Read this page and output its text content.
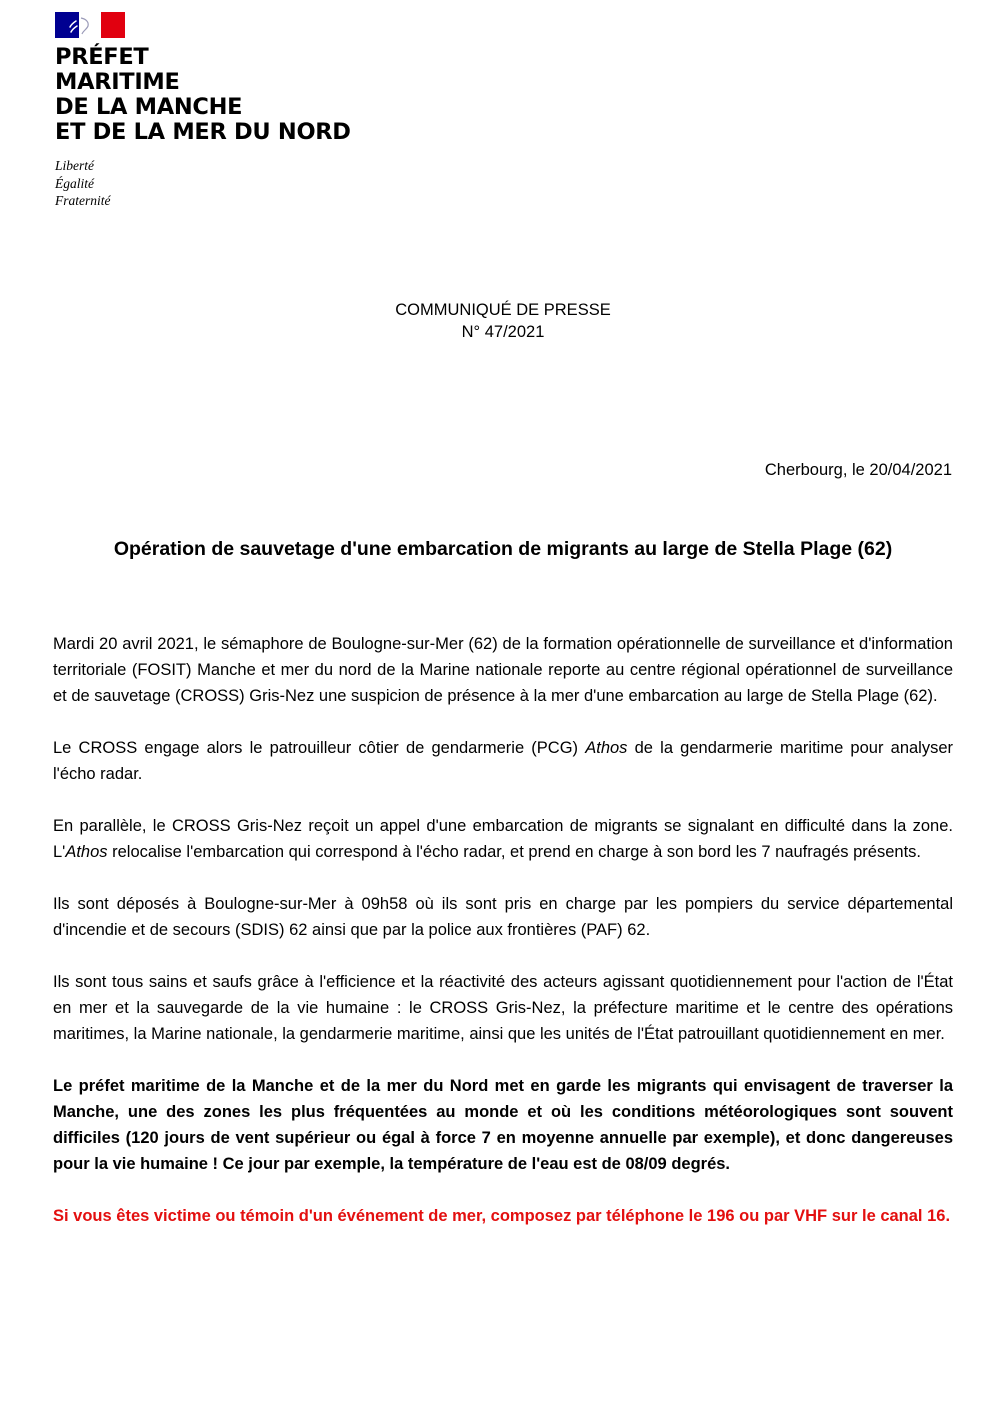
PRÉFET
MARITIME
DE LA MANCHE
ET DE LA MER DU NORD
Liberté
Égalité
Fraternité
COMMUNIQUÉ DE PRESSE
N° 47/2021
Cherbourg, le 20/04/2021
Opération de sauvetage d'une embarcation de migrants au large de Stella Plage (62)

Mardi 20 avril 2021, le sémaphore de Boulogne-sur-Mer (62) de la formation opérationnelle de surveillance et d'information territoriale (FOSIT) Manche et mer du nord de la Marine nationale reporte au centre régional opérationnel de surveillance et de sauvetage (CROSS) Gris-Nez une suspicion de présence à la mer d'une embarcation au large de Stella Plage (62).

Le CROSS engage alors le patrouilleur côtier de gendarmerie (PCG) Athos de la gendarmerie maritime pour analyser l'écho radar.

En parallèle, le CROSS Gris-Nez reçoit un appel d'une embarcation de migrants se signalant en difficulté dans la zone. L'Athos relocalise l'embarcation qui correspond à l'écho radar, et prend en charge à son bord les 7 naufragés présents.

Ils sont déposés à Boulogne-sur-Mer à 09h58 où ils sont pris en charge par les pompiers du service départemental d'incendie et de secours (SDIS) 62 ainsi que par la police aux frontières (PAF) 62.

Ils sont tous sains et saufs grâce à l'efficience et la réactivité des acteurs agissant quotidiennement pour l'action de l'État en mer et la sauvegarde de la vie humaine : le CROSS Gris-Nez, la préfecture maritime et le centre des opérations maritimes, la Marine nationale, la gendarmerie maritime, ainsi que les unités de l'État patrouillant quotidiennement en mer.

Le préfet maritime de la Manche et de la mer du Nord met en garde les migrants qui envisagent de traverser la Manche, une des zones les plus fréquentées au monde et où les conditions météorologiques sont souvent difficiles (120 jours de vent supérieur ou égal à force 7 en moyenne annuelle par exemple), et donc dangereuses pour la vie humaine ! Ce jour par exemple, la température de l'eau est de 08/09 degrés.

Si vous êtes victime ou témoin d'un événement de mer, composez par téléphone le 196 ou par VHF sur le canal 16.
